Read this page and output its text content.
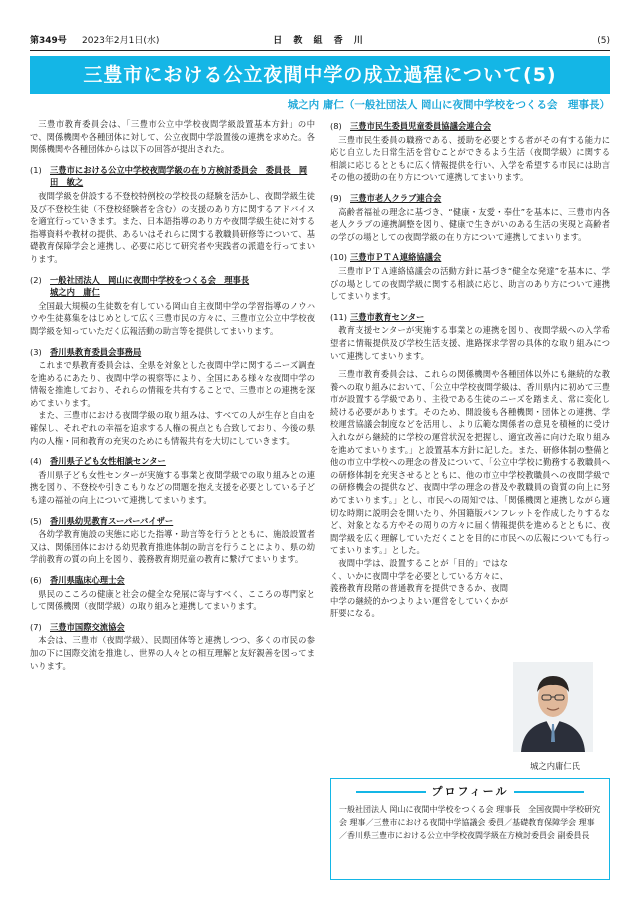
第349号 2023年2月1日(水)	日 教 組 香 川	(5)
三豊市における公立夜間中学の成立過程について(5)
城之内 庸仁（一般社団法人 岡山に夜間中学校をつくる会　理事長）

三豊市教育委員会は、「三豊市公立中学校夜間学級設置基本方針」の中で、関係機関や各種団体に対して、公立夜間中学設置後の連携を求めた。各関係機関や各種団体からは以下の回答が提出された。

(1) 三豊市における公立中学校夜間学級の在り方検討委員会　委員長　岡田　敏之

夜間学級を併設する不登校特例校の学校長の経験を活かし、夜間学級生徒及び不登校生徒（不登校経験者を含む）の支援のあり方に関するアドバイスを適宜行っていきます。また、日本語指導のあり方や夜間学級生徒に対する指導資料や教材の提供、あるいはそれらに関する教職員研修等について、基礎教育保障学会と連携し、必要に応じて研究者や実践者の派遣を行ってまいります。

(2) 一般社団法人　岡山に夜間中学校をつくる会　理事長
城之内　庸仁

全国最大規模の生徒数を有している岡山自主夜間中学の学習指導のノウハウや生徒募集をはじめとして広く三豊市民の方々に、三豊市立公立中学校夜間学級を知っていただく広報活動の助言等を提供してまいります。

(3) 香川県教育委員会事務局

これまで県教育委員会は、全県を対象とした夜間中学に関するニーズ調査を進めるにあたり、夜間中学の視察等により、全国にある様々な夜間中学の情報を推進しており、それらの情報を共有することで、三豊市との連携を深めてまいります。

また、三豊市における夜間学級の取り組みは、すべての人が生存と自由を確保し、それぞれの幸福を追求する人権の視点とも合致しており、今後の県内の人権・同和教育の充実のためにも情報共有を大切にしていきます。

(4) 香川県子ども女性相談センター

香川県子ども女性センターが実施する事業と夜間学級での取り組みとの連携を図り、不登校や引きこもりなどの問題を抱え支援を必要としている子ども達の福祉の向上について連携してまいります。

(5) 香川県幼児教育スーパーバイザー

各幼学教育施設の実態に応じた指導・助言等を行うとともに、施設設置者又は、関係団体における幼児教育推進体制の助言を行うことにより、県の幼学前教育の質の向上を図り、義務教育期児童の教育に繋げてまいります。

(6) 香川県臨床心理士会

県民のこころの健康と社会の健全な発展に寄与すべく、こころの専門家として関係機関（夜間学級）の取り組みと連携してまいります。

(7) 三豊市国際交流協会

本会は、三豊市（夜間学級）、民間団体等と連携しつつ、多くの市民の参加の下に国際交流を推進し、世界の人々との相互理解と友好親善を図ってまいります。

(8) 三豊市民生委員児童委員協議会連合会

三豊市民生委員の職務である、援助を必要とする者がその有する能力に応じ自立した日常生活を営むことができるよう生活（夜間学級）に関する相談に応じるとともに広く情報提供を行い、入学を希望する市民には助言その他の援助の在り方について連携してまいります。

(9) 三豊市老人クラブ連合会

高齢者福祉の理念に基づき、“健康・友愛・奉仕”を基本に、三豊市内各老人クラブの連携調整を図り、健康で生きがいのある生活の実現と高齢者の学びの場としての夜間学級の在り方について連携してまいります。

(10) 三豊市ＰＴＡ連絡協議会

三豊市ＰＴＡ連絡協議会の活動方針に基づき“健全な発達”を基本に、学びの場としての夜間学級に関する相談に応じ、助言のあり方について連携してまいります。

(11) 三豊市教育センター

教育支援センターが実施する事業との連携を図り、夜間学級への入学希望者に情報提供及び学校生活支援、進路探求学習の具体的な取り組みについて連携してまいります。

三豊市教育委員会は、これらの関係機関や各種団体以外にも継続的な教養への取り組みにおいて、「公立中学校夜間学級は、香川県内に初めて三豊市が設置する学級であり、主役である生徒のニーズを踏まえ、常に変化し続ける必要があります。そのため、開設後も各種機関・団体との連携、学校運営協議会制度などを活用し、より広範な関係者の意見を積極的に受け入れながら継続的に学校の運営状況を把握し、適宜改善に向けた取り組みを進めてまいります。」と設置基本方針に記した。また、研修体制の整備と他の市立中学校への理念の普及について、「公立中学校に勤務する教職員への研修体制を充実させるとともに、他の市立中学校教職員への夜間学級での研修機会の提供など、夜間中学の理念の普及や教職員の資質の向上に努めてまいります。」とし、市民への周知では、「関係機関と連携しながら適切な時期に説明会を開いたり、外国籍版パンフレットを作成したりするなど、対象となる方やその周りの方々に届く情報提供を進めるとともに、夜間学級を広く理解していただくことを目的に市民への広報についても行ってまいります。」とした。

夜間中学は、設置することが「目的」ではなく、いかに夜間中学を必要としている方々に、義務教育段階の普通教育を提供できるか、夜間中学の継続的かつよりよい運営をしていくかが肝要になる。

城之内庸仁氏
プロフィール
一般社団法人 岡山に夜間中学校をつくる会 理事長　全国夜間中学校研究会 理事／三豊市における夜間中学協議会 委員／基礎教育保障学会 理事／香川県三豊市における公立中学校夜間学級在方検討委員会 副委員長
